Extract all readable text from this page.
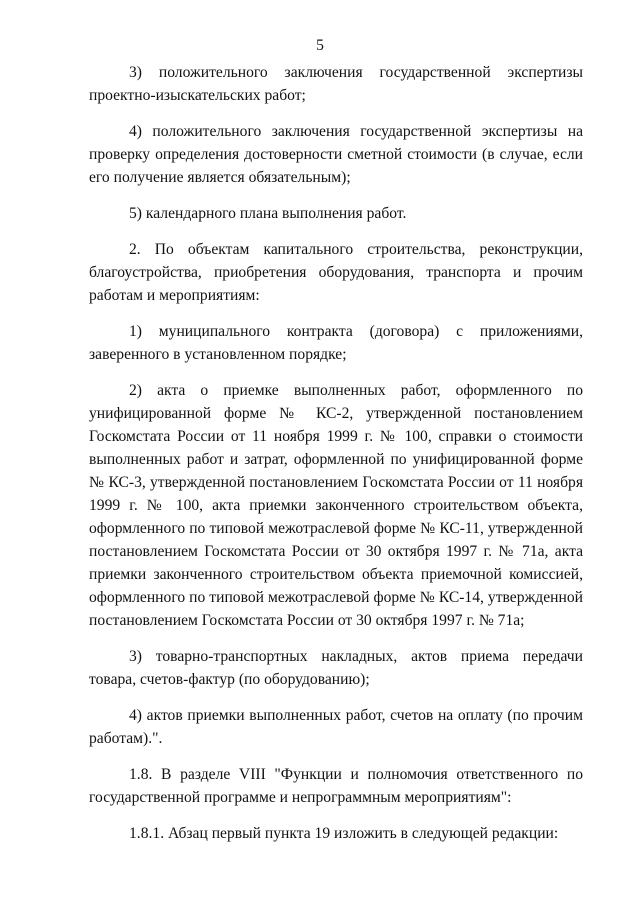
5

3) положительного заключения государственной экспертизы проектно-изыскательских работ;

4) положительного заключения государственной экспертизы на проверку определения достоверности сметной стоимости (в случае, если его получение является обязательным);

5) календарного плана выполнения работ.

2. По объектам капитального строительства, реконструкции, благоустройства, приобретения оборудования, транспорта и прочим работам и мероприятиям:

1) муниципального контракта (договора) с приложениями, заверенного в установленном порядке;

2) акта о приемке выполненных работ, оформленного по унифицированной форме № КС-2, утвержденной постановлением Госкомстата России от 11 ноября 1999 г. № 100, справки о стоимости выполненных работ и затрат, оформленной по унифицированной форме № КС-3, утвержденной постановлением Госкомстата России от 11 ноября 1999 г. № 100, акта приемки законченного строительством объекта, оформленного по типовой межотраслевой форме № КС-11, утвержденной постановлением Госкомстата России от 30 октября 1997 г. № 71а, акта приемки законченного строительством объекта приемочной комиссией, оформленного по типовой межотраслевой форме № КС-14, утвержденной постановлением Госкомстата России от 30 октября 1997 г. № 71а;

3) товарно-транспортных накладных, актов приема передачи товара, счетов-фактур (по оборудованию);

4) актов приемки выполненных работ, счетов на оплату (по прочим работам).".

1.8. В разделе VIII "Функции и полномочия ответственного по государственной программе и непрограммным мероприятиям":

1.8.1. Абзац первый пункта 19 изложить в следующей редакции:
